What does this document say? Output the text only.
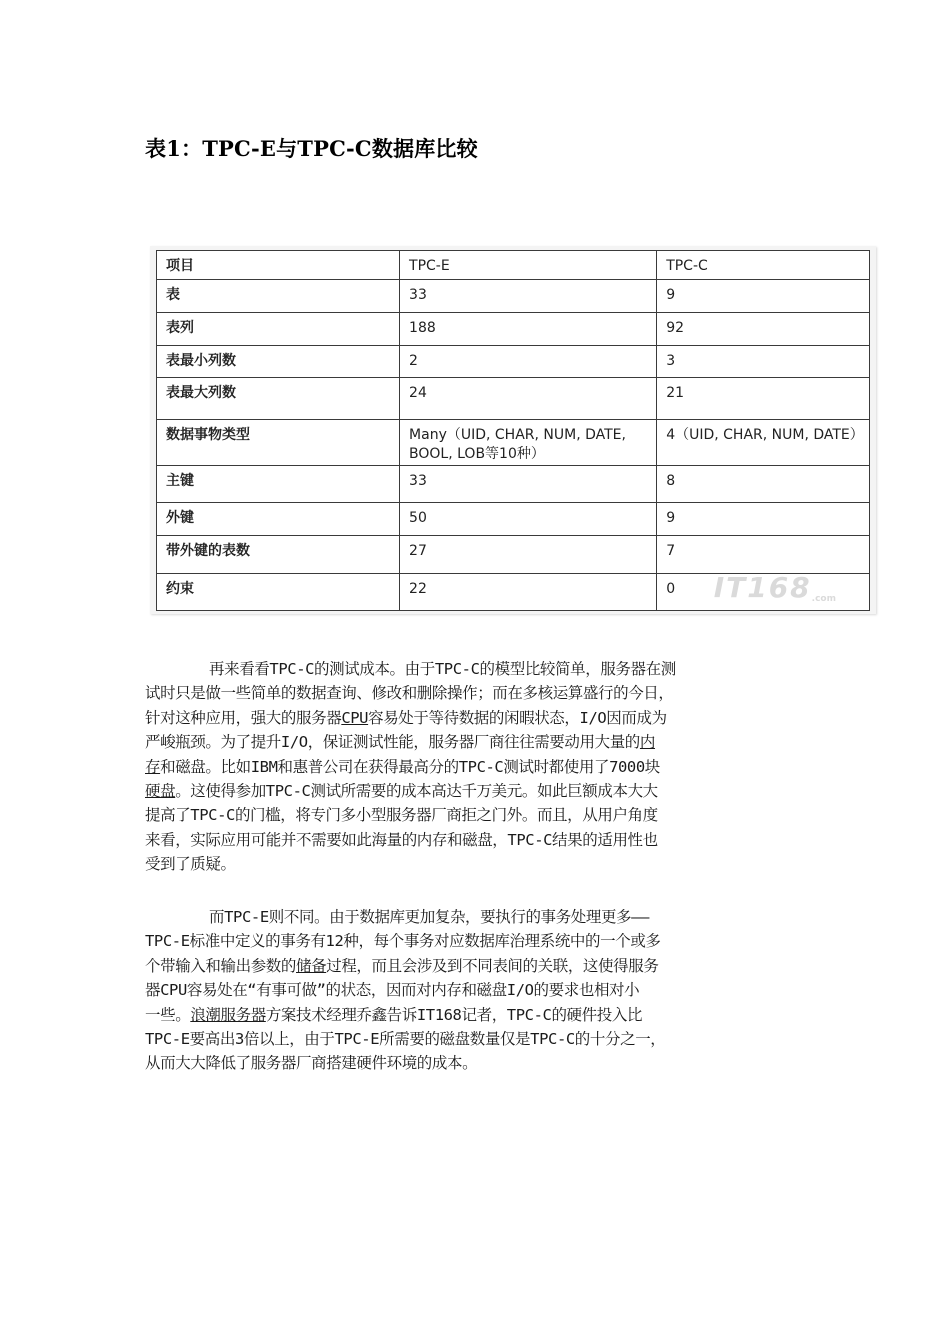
表1：TPC-E与TPC-C数据库比较
项目	TPC-E	TPC-C

表	33	9

表列	188	92

表最小列数	2	3

表最大列数	24	21

数据事物类型	Many（UID, CHAR, NUM, DATE, BOOL, LOB等10种）	4（UID, CHAR, NUM, DATE）

主键	33	8

外键	50	9

带外键的表数	27	7

约束	22	0	IT168.com
再来看看TPC-C的测试成本。由于TPC-C的模型比较简单，服务器在测
试时只是做一些简单的数据查询、修改和删除操作；而在多核运算盛行的今日，
针对这种应用，强大的服务器CPU容易处于等待数据的闲暇状态，I/O因而成为
严峻瓶颈。为了提升I/O，保证测试性能，服务器厂商往往需要动用大量的内
存和磁盘。比如IBM和惠普公司在获得最高分的TPC-C测试时都使用了7000块
硬盘。这使得参加TPC-C测试所需要的成本高达千万美元。如此巨额成本大大
提高了TPC-C的门槛，将专门多小型服务器厂商拒之门外。而且，从用户角度
来看，实际应用可能并不需要如此海量的内存和磁盘，TPC-C结果的适用性也
受到了质疑。
而TPC-E则不同。由于数据库更加复杂，要执行的事务处理更多——
TPC-E标准中定义的事务有12种，每个事务对应数据库治理系统中的一个或多
个带输入和输出参数的储备过程，而且会涉及到不同表间的关联，这使得服务
器CPU容易处在“有事可做”的状态，因而对内存和磁盘I/O的要求也相对小
一些。浪潮服务器方案技术经理乔鑫告诉IT168记者，TPC-C的硬件投入比
TPC-E要高出3倍以上，由于TPC-E所需要的磁盘数量仅是TPC-C的十分之一，
从而大大降低了服务器厂商搭建硬件环境的成本。
